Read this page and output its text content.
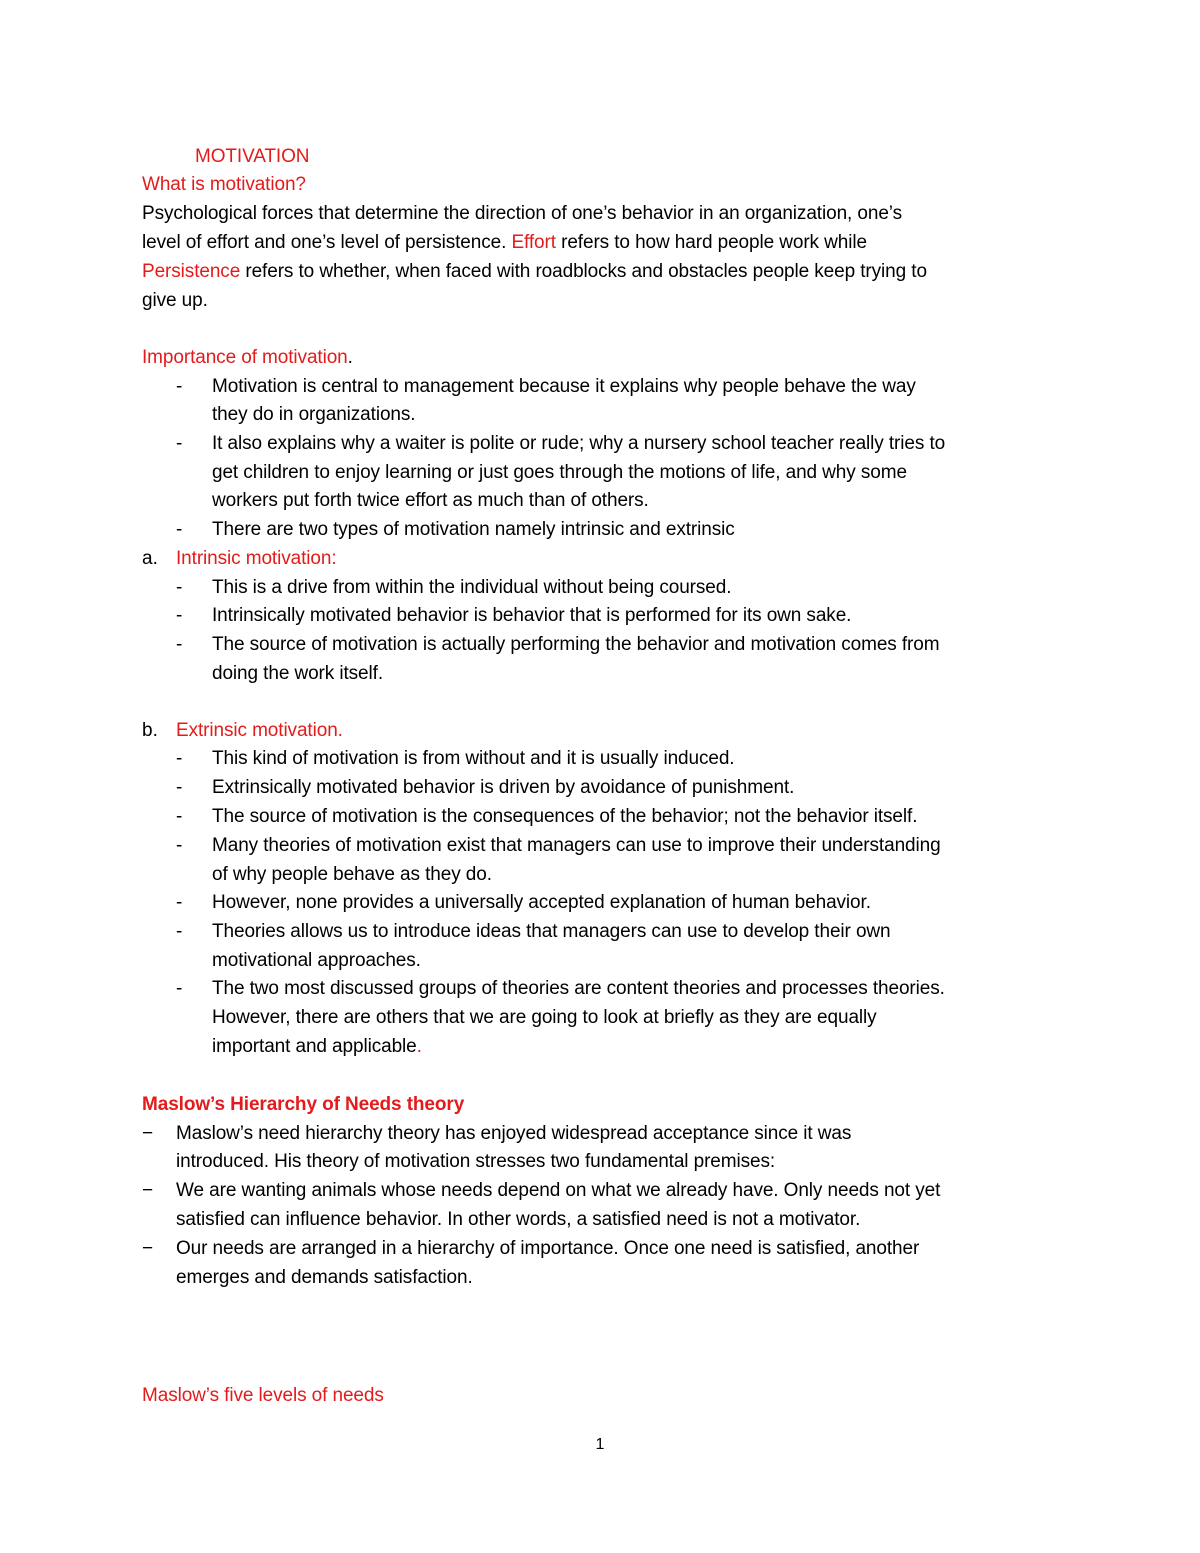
MOTIVATION
What is motivation?
Psychological forces that determine the direction of one’s behavior in an organization, one’s
level of effort and one’s level of persistence. Effort refers to how hard people work while
Persistence refers to whether, when faced with roadblocks and obstacles people keep trying to
give up.
Importance of motivation.
- Motivation is central to management because it explains why people behave the way
they do in organizations.
- It also explains why a waiter is polite or rude; why a nursery school teacher really tries to
get children to enjoy learning or just goes through the motions of life, and why some
workers put forth twice effort as much than of others.
- There are two types of motivation namely intrinsic and extrinsic
a. Intrinsic motivation:
- This is a drive from within the individual without being coursed.
- Intrinsically motivated behavior is behavior that is performed for its own sake.
- The source of motivation is actually performing the behavior and motivation comes from
doing the work itself.
b. Extrinsic motivation.
- This kind of motivation is from without and it is usually induced.
- Extrinsically motivated behavior is driven by avoidance of punishment.
- The source of motivation is the consequences of the behavior; not the behavior itself.
- Many theories of motivation exist that managers can use to improve their understanding
of why people behave as they do.
- However, none provides a universally accepted explanation of human behavior.
- Theories allows us to introduce ideas that managers can use to develop their own
motivational approaches.
- The two most discussed groups of theories are content theories and processes theories.
However, there are others that we are going to look at briefly as they are equally
important and applicable.
Maslow’s Hierarchy of Needs theory
− Maslow’s need hierarchy theory has enjoyed widespread acceptance since it was
introduced. His theory of motivation stresses two fundamental premises:
− We are wanting animals whose needs depend on what we already have. Only needs not yet
satisfied can influence behavior. In other words, a satisfied need is not a motivator.
− Our needs are arranged in a hierarchy of importance. Once one need is satisfied, another
emerges and demands satisfaction.
Maslow’s five levels of needs
1
